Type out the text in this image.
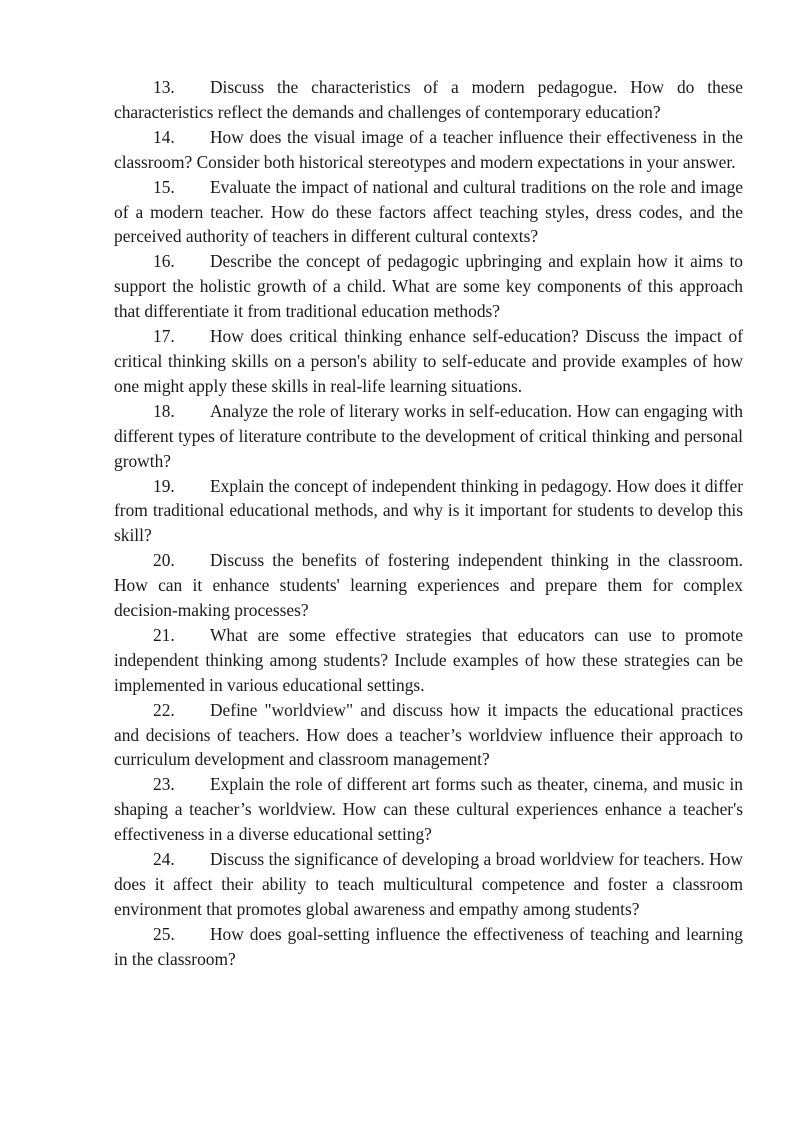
13. Discuss the characteristics of a modern pedagogue. How do these characteristics reflect the demands and challenges of contemporary education?

14. How does the visual image of a teacher influence their effectiveness in the classroom? Consider both historical stereotypes and modern expectations in your answer.

15. Evaluate the impact of national and cultural traditions on the role and image of a modern teacher. How do these factors affect teaching styles, dress codes, and the perceived authority of teachers in different cultural contexts?

16. Describe the concept of pedagogic upbringing and explain how it aims to support the holistic growth of a child. What are some key components of this approach that differentiate it from traditional education methods?

17. How does critical thinking enhance self-education? Discuss the impact of critical thinking skills on a person's ability to self-educate and provide examples of how one might apply these skills in real-life learning situations.

18. Analyze the role of literary works in self-education. How can engaging with different types of literature contribute to the development of critical thinking and personal growth?

19. Explain the concept of independent thinking in pedagogy. How does it differ from traditional educational methods, and why is it important for students to develop this skill?

20. Discuss the benefits of fostering independent thinking in the classroom. How can it enhance students' learning experiences and prepare them for complex decision-making processes?

21. What are some effective strategies that educators can use to promote independent thinking among students? Include examples of how these strategies can be implemented in various educational settings.

22. Define "worldview" and discuss how it impacts the educational practices and decisions of teachers. How does a teacher’s worldview influence their approach to curriculum development and classroom management?

23. Explain the role of different art forms such as theater, cinema, and music in shaping a teacher’s worldview. How can these cultural experiences enhance a teacher's effectiveness in a diverse educational setting?

24. Discuss the significance of developing a broad worldview for teachers. How does it affect their ability to teach multicultural competence and foster a classroom environment that promotes global awareness and empathy among students?

25. How does goal-setting influence the effectiveness of teaching and learning in the classroom?
